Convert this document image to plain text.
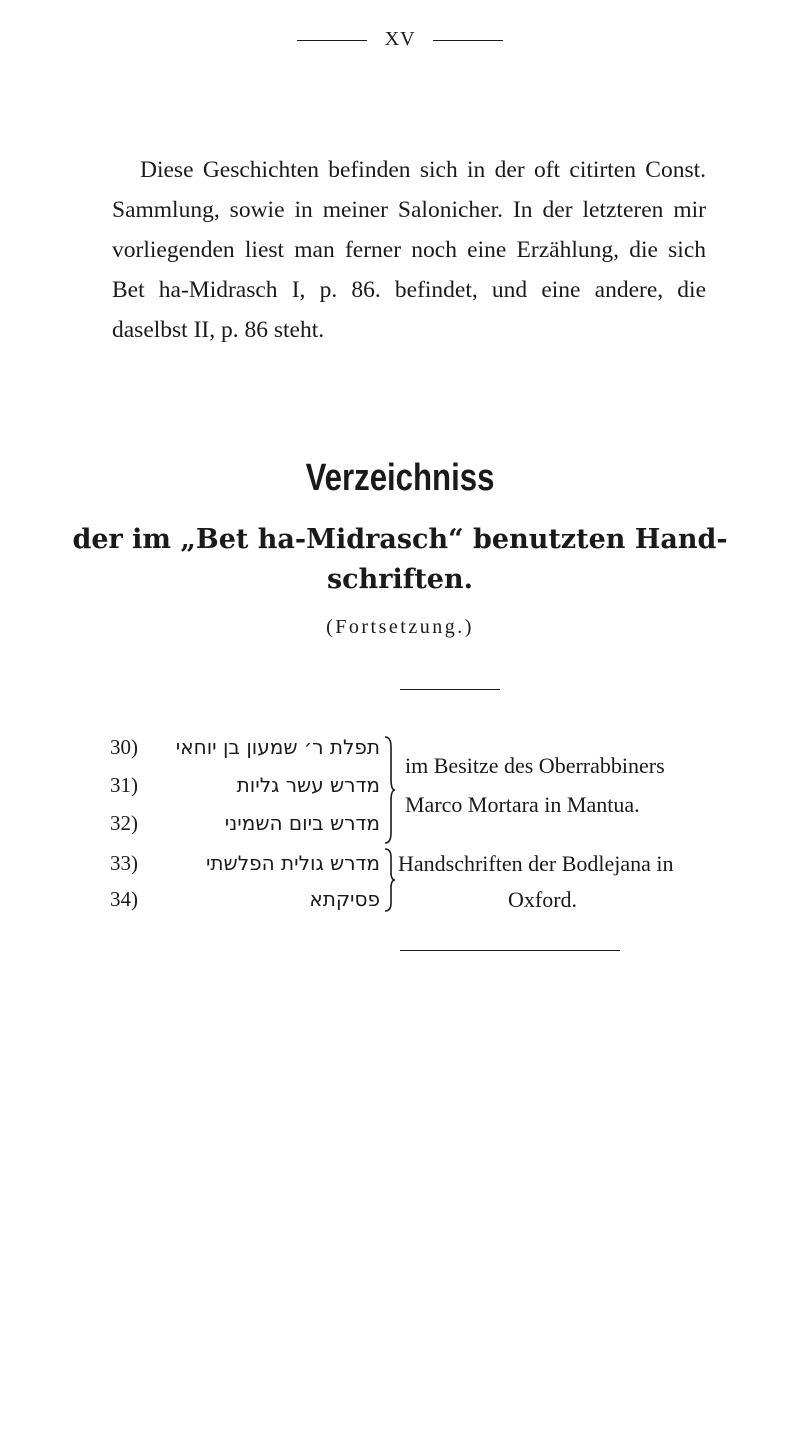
XV

Diese Geschichten befinden sich in der oft citirten Const. Sammlung, sowie in meiner Salonicher. In der letzteren mir vorliegenden liest man ferner noch eine Erzählung, die sich Bet ha-Midrasch I, p. 86. befindet, und eine andere, die daselbst II, p. 86 steht.

Verzeichniss
der im „Bet ha-Midrasch“ benutzten Hand-
schriften.
(Fortsetzung.)
30)
31)
32)
33)
34)
תפלת ר׳ שמעון בן יוחאי
מדרש עשר גליות
מדרש ביום השמיני
מדרש גולית הפלשתי
פסיקתא
im Besitze des Oberrabbiners
Marco Mortara in Mantua.
Handschriften der Bodlejana in
Oxford.
